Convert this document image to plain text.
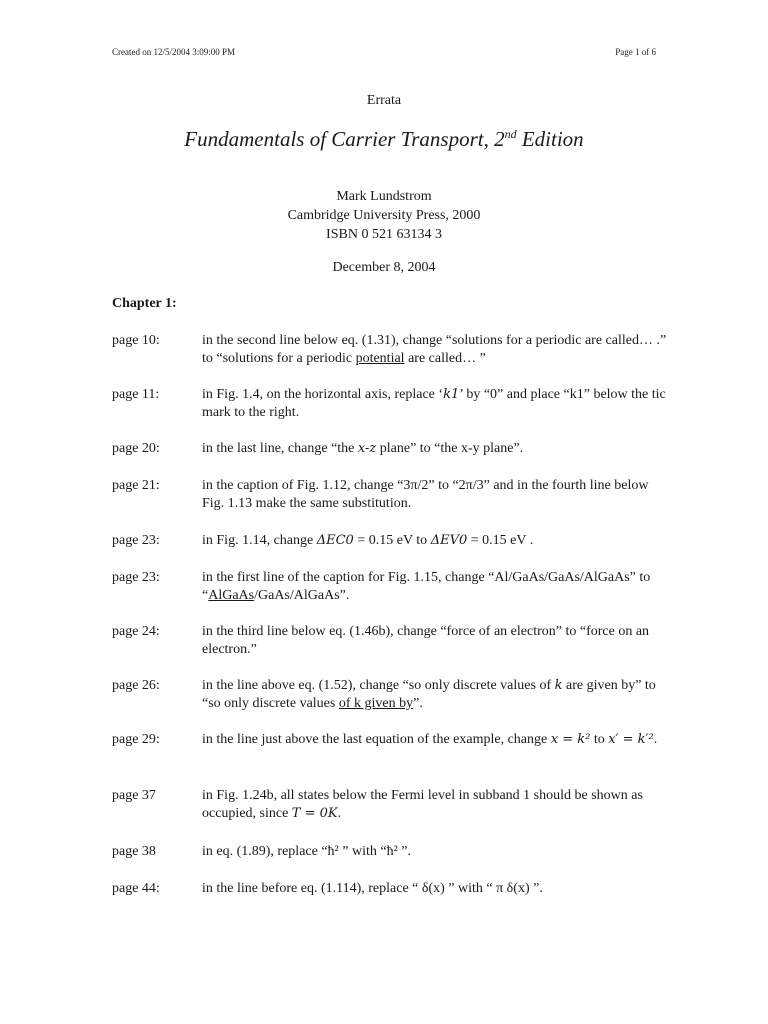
Created on 12/5/2004 3:09:00 PM	Page 1 of 6
Errata
Fundamentals of Carrier Transport, 2nd Edition
Mark Lundstrom
Cambridge University Press, 2000
ISBN 0 521 63134 3
December 8, 2004
Chapter 1:
page 10:	in the second line below eq. (1.31), change “solutions for a periodic are called… .” to “solutions for a periodic potential are called… ”
page 11:	in Fig. 1.4, on the horizontal axis, replace ‘k1’ by “0” and place “k1” below the tic mark to the right.
page 20:	in the last line, change “the x-z plane” to “the x-y plane”.
page 21:	in the caption of Fig. 1.12, change “3π/2” to “2π/3” and in the fourth line below Fig. 1.13 make the same substitution.
page 23:	in Fig. 1.14, change ΔEC0 = 0.15 eV to ΔEV0 = 0.15 eV .
page 23:	in the first line of the caption for Fig. 1.15, change “Al/GaAs/GaAs/AlGaAs” to “AlGaAs/GaAs/AlGaAs”.
page 24:	in the third line below eq. (1.46b), change “force of an electron” to “force on an electron.”
page 26:	in the line above eq. (1.52), change “so only discrete values of k are given by” to “so only discrete values of k given by”.
page 29:	in the line just above the last equation of the example, change x = k² to x′ = k′².
page 37	in Fig. 1.24b, all states below the Fermi level in subband 1 should be shown as occupied, since T = 0K.
page 38	in eq. (1.89), replace “ħ² ” with “ħ² ”.
page 44:	in the line before eq. (1.114), replace “ δ(x) ” with “ π δ(x) ”.
